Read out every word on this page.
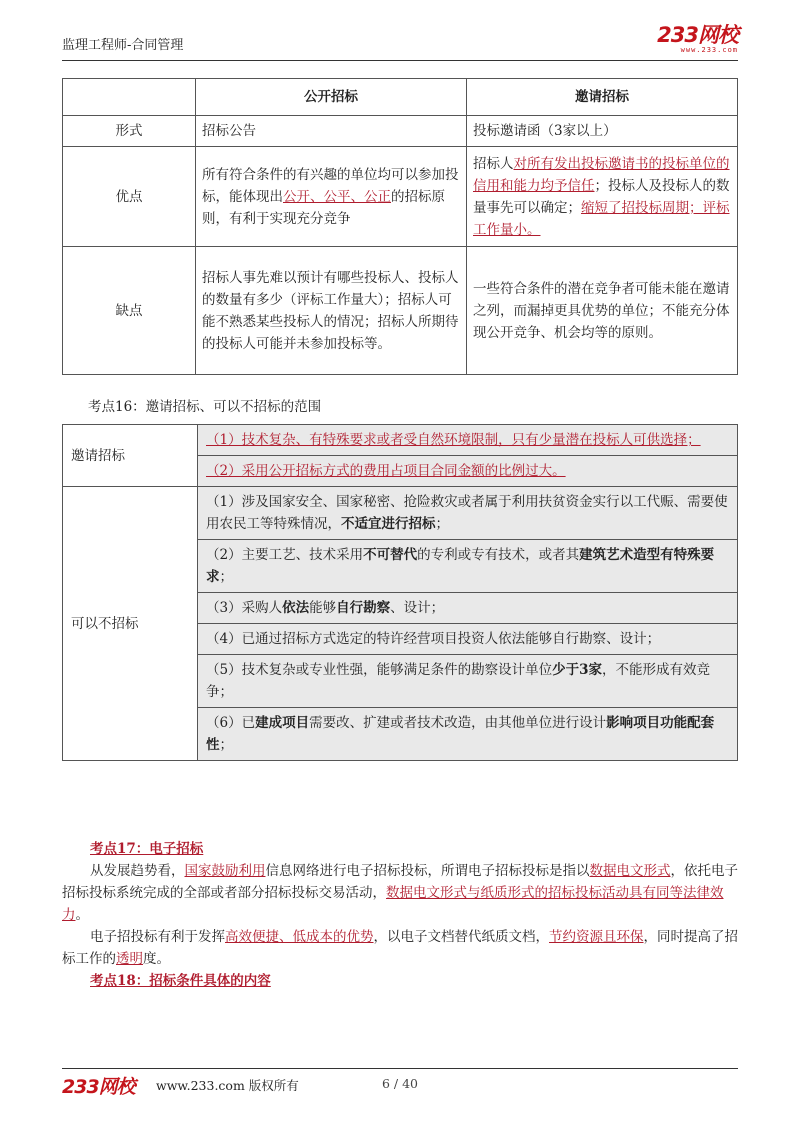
监理工程师-合同管理	233网校
www.233.com
	公开招标	邀请招标
形式	招标公告	投标邀请函（3家以上）
优点	所有符合条件的有兴趣的单位均可以参加投标，能体现出公开、公平、公正的招标原则，有利于实现充分竞争	招标人对所有发出投标邀请书的投标单位的信用和能力均予信任；投标人及投标人的数量事先可以确定；缩短了招投标周期；评标工作量小。
缺点	招标人事先难以预计有哪些投标人、投标人的数量有多少（评标工作量大）；招标人可能不熟悉某些投标人的情况；招标人所期待的投标人可能并未参加投标等。	一些符合条件的潜在竞争者可能未能在邀请之列，而漏掉更具优势的单位；不能充分体现公开竞争、机会均等的原则。
考点16：邀请招标、可以不招标的范围
邀请招标	（1）技术复杂、有特殊要求或者受自然环境限制，只有少量潜在投标人可供选择；
	（2）采用公开招标方式的费用占项目合同金额的比例过大。
可以不招标	（1）涉及国家安全、国家秘密、抢险救灾或者属于利用扶贫资金实行以工代赈、需要使用农民工等特殊情况，不适宜进行招标；
	（2）主要工艺、技术采用不可替代的专利或专有技术，或者其建筑艺术造型有特殊要求；
	（3）采购人依法能够自行勘察、设计；
	（4）已通过招标方式选定的特许经营项目投资人依法能够自行勘察、设计；
	（5）技术复杂或专业性强，能够满足条件的勘察设计单位少于3家，不能形成有效竞争；
	（6）已建成项目需要改、扩建或者技术改造，由其他单位进行设计影响项目功能配套性；
考点17：电子招标

从发展趋势看，国家鼓励利用信息网络进行电子招标投标，所谓电子招标投标是指以数据电文形式，依托电子招标投标系统完成的全部或者部分招标投标交易活动，数据电文形式与纸质形式的招标投标活动具有同等法律效力。

电子招投标有利于发挥高效便捷、低成本的优势，以电子文档替代纸质文档，节约资源且环保，同时提高了招标工作的透明度。

考点18：招标条件具体的内容
233网校 www.233.com 版权所有	6 / 40
